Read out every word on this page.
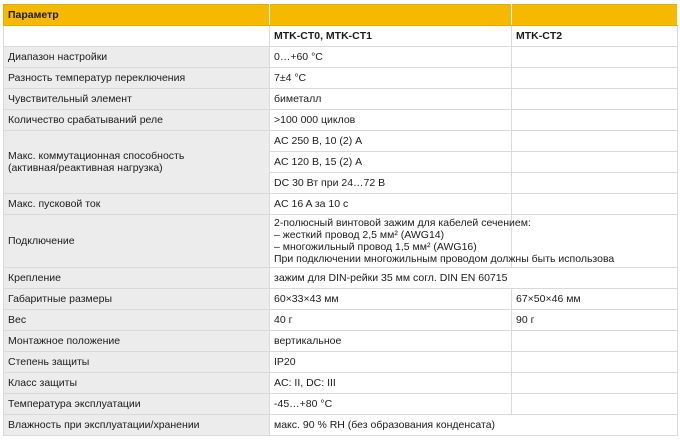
Параметр		
	MTK-CT0, MTK-CT1	MTK-CT2
Диапазон настройки	0…+60 °C	
Разность температур переключения	7±4 °C	
Чувствительный элемент	биметалл	
Количество срабатываний реле	>100 000 циклов	

Макс. коммутационная способность
(активная/реактивная нагрузка)	AC 250 В, 10 (2) A	
	AC 120 В, 15 (2) A	
	DC 30 Вт при 24…72 В	
Макс. пусковой ток	AC 16 A за 10 с	
Подключение	2-полюсный винтовой зажим для кабелей сечением:
– жесткий провод 2,5 мм² (AWG14)
– многожильный провод 1,5 мм² (AWG16)
При подключении многожильным проводом должны быть использова	

Крепление	зажим для DIN-рейки 35 мм согл. DIN EN 60715	
Габаритные размеры	60×33×43 мм	67×50×46 мм
Вес	40 г	90 г
Монтажное положение	вертикальное	
Степень защиты	IP20	
Класс защиты	AC: II, DC: III	
Температура эксплуатации	-45…+80 °C	
Влажность при эксплуатации/хранении	макс. 90 % RH (без образования конденсата)	
